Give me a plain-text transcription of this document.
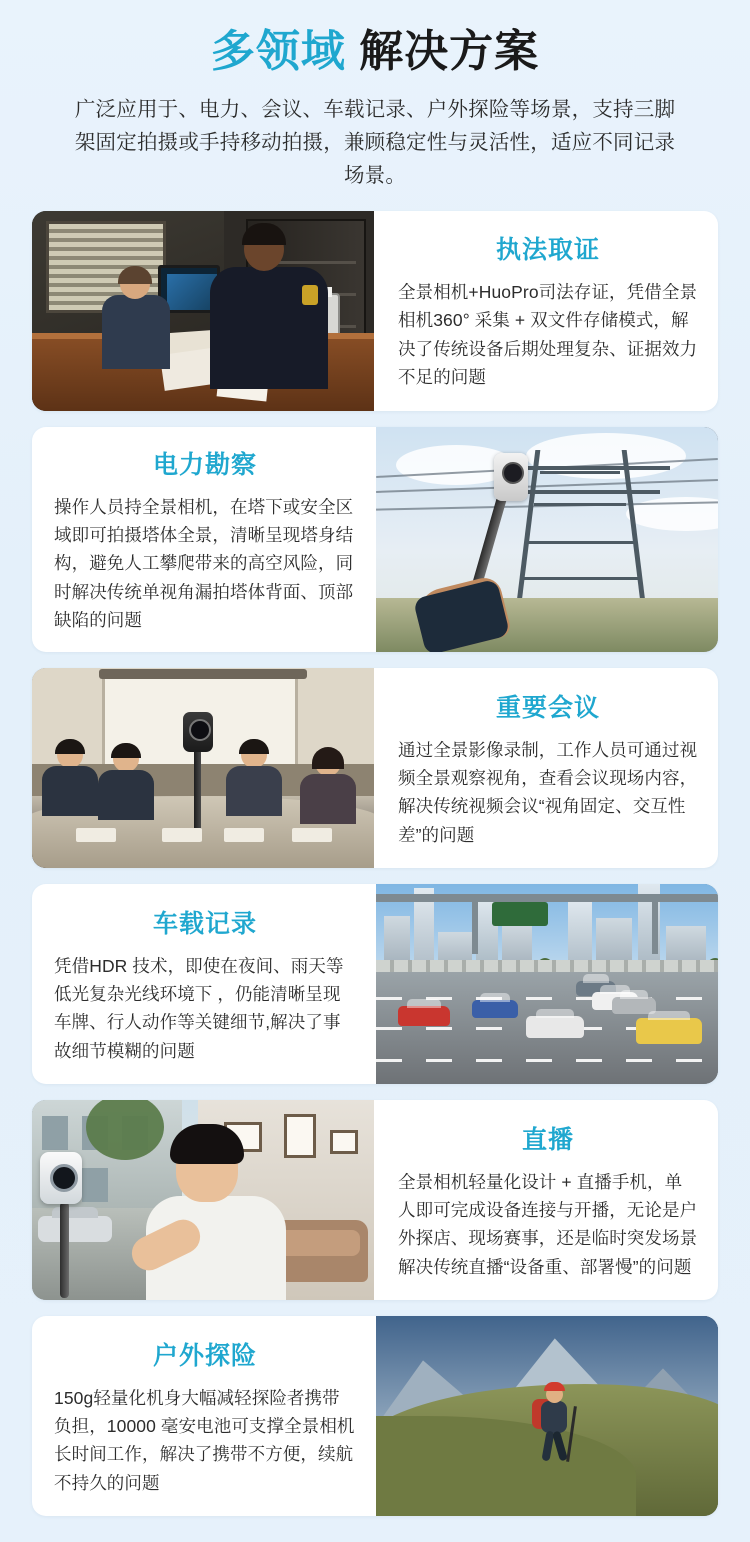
多领域 解决方案

广泛应用于、电力、会议、车载记录、户外探险等场景，支持三脚架固定拍摄或手持移动拍摄，兼顾稳定性与灵活性，适应不同记录场景。

执法取证
全景相机+HuoPro司法存证，凭借全景相机360° 采集 + 双文件存储模式，解决了传统设备后期处理复杂、证据效力不足的问题
电力勘察
操作人员持全景相机，在塔下或安全区域即可拍摄塔体全景，清晰呈现塔身结构，避免人工攀爬带来的高空风险，同时解决传统单视角漏拍塔体背面、顶部缺陷的问题
重要会议
通过全景影像录制，工作人员可通过视频全景观察视角，查看会议现场内容，解决传统视频会议“视角固定、交互性差”的问题
车载记录
凭借HDR 技术，即使在夜间、雨天等低光复杂光线环境下 ，仍能清晰呈现车牌、行人动作等关键细节,解决了事故细节模糊的问题
直播
全景相机轻量化设计 + 直播手机，单人即可完成设备连接与开播，无论是户外探店、现场赛事，还是临时突发场景解决传统直播“设备重、部署慢”的问题
户外探险
150g轻量化机身大幅减轻探险者携带负担，10000 毫安电池可支撑全景相机长时间工作，解决了携带不方便，续航不持久的问题
